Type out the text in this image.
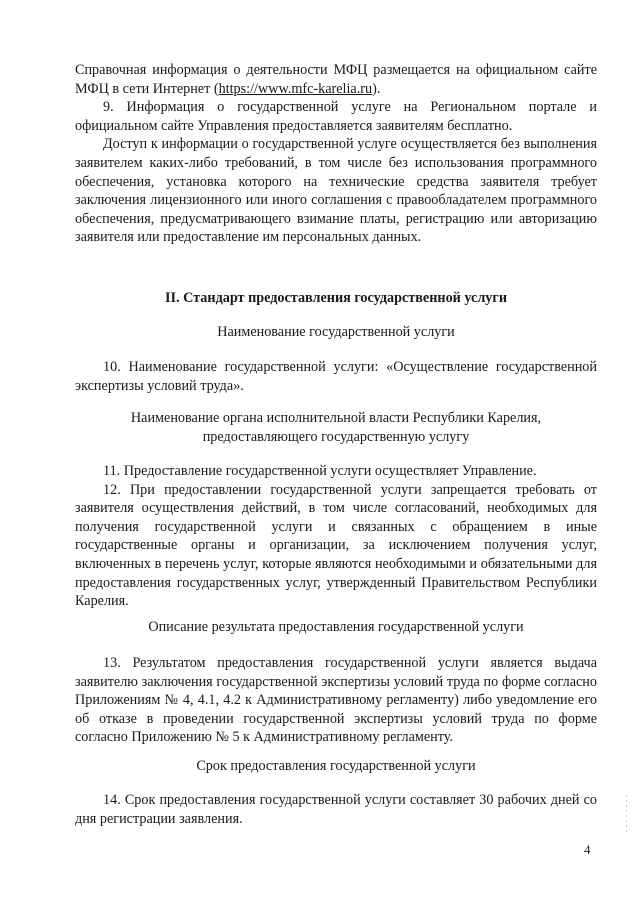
Справочная информация о деятельности МФЦ размещается на официальном сайте МФЦ в сети Интернет (https://www.mfc-karelia.ru).

9. Информация о государственной услуге на Региональном портале и официальном сайте Управления предоставляется заявителям бесплатно.

Доступ к информации о государственной услуге осуществляется без выполнения заявителем каких-либо требований, в том числе без использования программного обеспечения, установка которого на технические средства заявителя требует заключения лицензионного или иного соглашения с правообладателем программного обеспечения, предусматривающего взимание платы, регистрацию или авторизацию заявителя или предоставление им персональных данных.

II. Стандарт предоставления государственной услуги
Наименование государственной услуги

10. Наименование государственной услуги: «Осуществление государственной экспертизы условий труда».

Наименование органа исполнительной власти Республики Карелия,
предоставляющего государственную услугу

11. Предоставление государственной услуги осуществляет Управление.

12. При предоставлении государственной услуги запрещается требовать от заявителя осуществления действий, в том числе согласований, необходимых для получения государственной услуги и связанных с обращением в иные государственные органы и организации, за исключением получения услуг, включенных в перечень услуг, которые являются необходимыми и обязательными для предоставления государственных услуг, утвержденный Правительством Республики Карелия.

Описание результата предоставления государственной услуги

13. Результатом предоставления государственной услуги является выдача заявителю заключения государственной экспертизы условий труда по форме согласно Приложениям № 4, 4.1, 4.2 к Административному регламенту) либо уведомление его об отказе в проведении государственной экспертизы условий труда по форме согласно Приложению № 5 к Административному регламенту.

Срок предоставления государственной услуги

14. Срок предоставления государственной услуги составляет 30 рабочих дней со дня регистрации заявления.

4
